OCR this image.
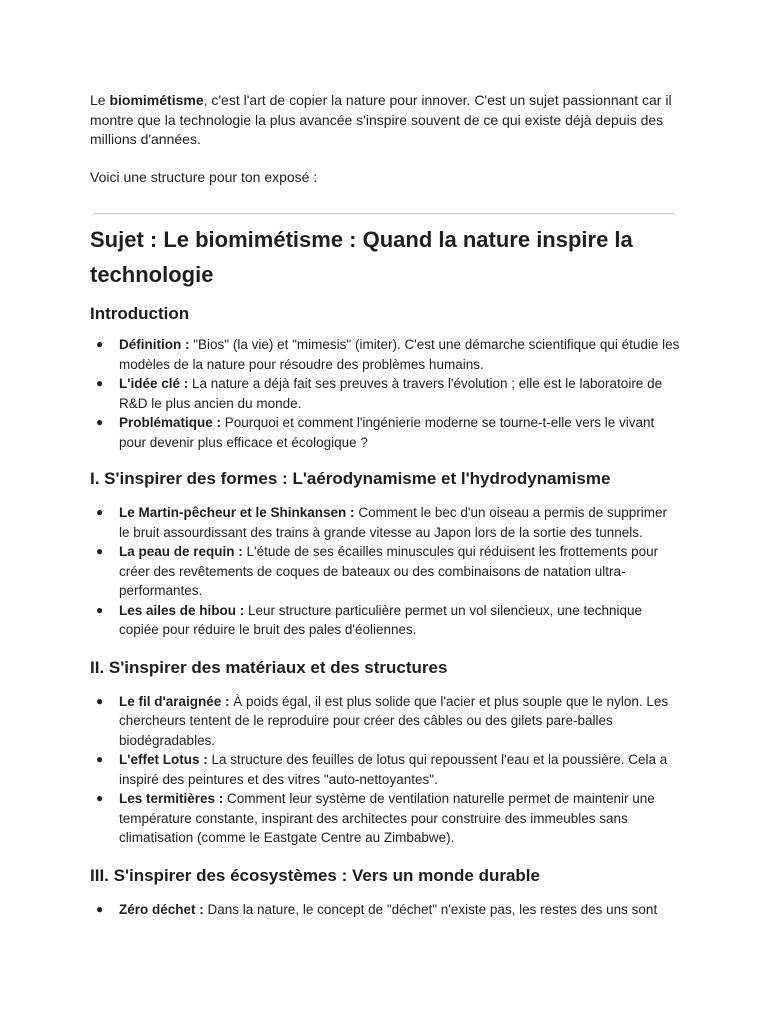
Le biomimétisme, c'est l'art de copier la nature pour innover. C'est un sujet passionnant car il montre que la technologie la plus avancée s'inspire souvent de ce qui existe déjà depuis des millions d'années.

Voici une structure pour ton exposé :

Sujet : Le biomimétisme : Quand la nature inspire la technologie
Introduction
● Définition : "Bios" (la vie) et "mimesis" (imiter). C'est une démarche scientifique qui étudie les modèles de la nature pour résoudre des problèmes humains.
● L'idée clé : La nature a déjà fait ses preuves à travers l'évolution ; elle est le laboratoire de R&D le plus ancien du monde.
● Problématique : Pourquoi et comment l'ingénierie moderne se tourne-t-elle vers le vivant pour devenir plus efficace et écologique ?
I. S'inspirer des formes : L'aérodynamisme et l'hydrodynamisme
● Le Martin-pêcheur et le Shinkansen : Comment le bec d'un oiseau a permis de supprimer le bruit assourdissant des trains à grande vitesse au Japon lors de la sortie des tunnels.
● La peau de requin : L'étude de ses écailles minuscules qui réduisent les frottements pour créer des revêtements de coques de bateaux ou des combinaisons de natation ultra-performantes.
● Les ailes de hibou : Leur structure particulière permet un vol silencieux, une technique copiée pour réduire le bruit des pales d'éoliennes.
II. S'inspirer des matériaux et des structures
● Le fil d'araignée : À poids égal, il est plus solide que l'acier et plus souple que le nylon. Les chercheurs tentent de le reproduire pour créer des câbles ou des gilets pare-balles biodégradables.
● L'effet Lotus : La structure des feuilles de lotus qui repoussent l'eau et la poussière. Cela a inspiré des peintures et des vitres "auto-nettoyantes".
● Les termitières : Comment leur système de ventilation naturelle permet de maintenir une température constante, inspirant des architectes pour construire des immeubles sans climatisation (comme le Eastgate Centre au Zimbabwe).
III. S'inspirer des écosystèmes : Vers un monde durable
● Zéro déchet : Dans la nature, le concept de "déchet" n'existe pas, les restes des uns sont
